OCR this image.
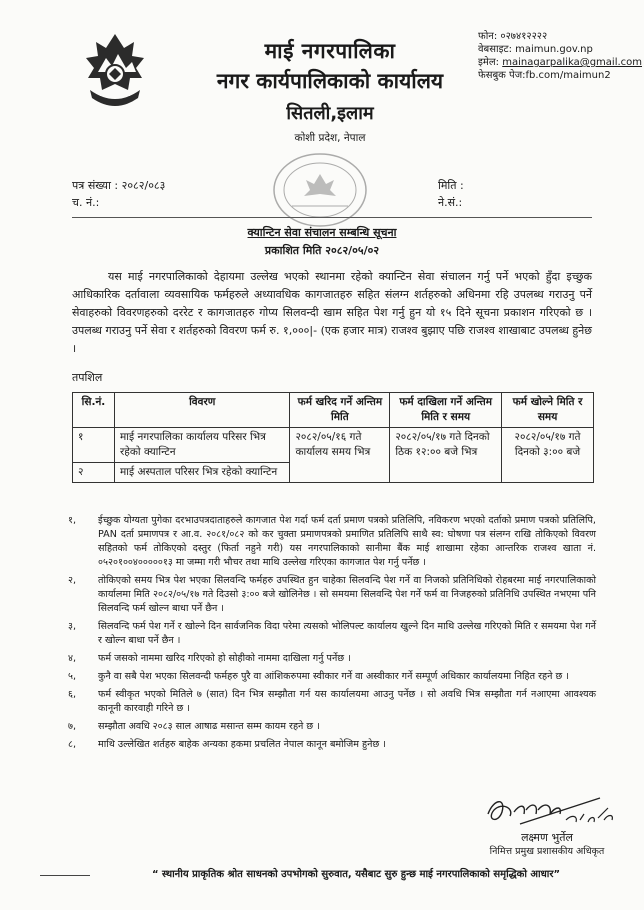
माई नगरपालिका
नगर कार्यपालिकाको कार्यालय
सितली,इलाम
कोशी प्रदेश, नेपाल
फोन: ०२७४१२२२२
वेबसाइट: maimun.gov.np
इमेल: mainagarpalika@gmail.com
फेसबुक पेज:fb.com/maimun2
पत्र संख्या : २०८२/०८३
च. नं.:
मिति :
ने.सं.:
क्यान्टिन सेवा संचालन सम्बन्धि सूचना
प्रकाशित मिति २०८२/०५/०२

यस माई नगरपालिकाको देहायमा उल्लेख भएको स्थानमा रहेको क्यान्टिन सेवा संचालन गर्नु पर्ने भएको हुँदा इच्छुक आधिकारिक दर्तावाला व्यवसायिक फर्महरुले अध्यावधिक कागजातहरु सहित संलग्न शर्तहरुको अधिनमा रहि उपलब्ध गराउनु पर्ने सेवाहरुको विवरणहरुको दररेट र कागजातहरु गोप्य सिलवन्दी खाम सहित पेश गर्नु हुन यो १५ दिने सूचना प्रकाशन गरिएको छ । उपलब्ध गराउनु पर्ने सेवा र शर्तहरुको विवरण फर्म रु. १,०००|- (एक हजार मात्र) राजश्व बुझाए पछि राजश्व शाखाबाट उपलब्ध हुनेछ ।

तपशिल
सि.नं.	विवरण	फर्म खरिद गर्ने अन्तिम मिति	फर्म दाखिला गर्ने अन्तिम मिति र समय	फर्म खोल्ने मिति र समय
१	माई नगरपालिका कार्यालय परिसर भित्र रहेको क्यान्टिन	२०८२/०५/१६ गते कार्यालय समय भित्र	२०८२/०५/१७ गते दिनको ठिक १२:०० बजे भित्र	२०८२/०५/१७ गते दिनको ३:०० बजे
२	माई अस्पताल परिसर भित्र रहेको क्यान्टिन			
१,	ईच्छुक योग्यता पुगेका दरभाउपत्रदाताहरुले कागजात पेश गर्दा फर्म दर्ता प्रमाण पत्रको प्रतिलिपि, नविकरण भएको दर्ताको प्रमाण पत्रको प्रतिलिपि, PAN दर्ता प्रमाणपत्र र आ.व. २०८१/०८२ को कर चुक्ता प्रमाणपत्रको प्रमाणित प्रतिलिपि साथै स्व: घोषणा पत्र संलग्न राखि तोकिएको विवरण सहितको फर्म तोकिएको दस्तुर (फिर्ता नहुने गरी) यस नगरपालिकाको सानीमा बैंक माई शाखामा रहेका आन्तरिक राजश्व खाता नं. ०५२०१००४०००००१३ मा जम्मा गरी भौचर तथा माथि उल्लेख गरिएका कागजात पेश गर्नु पर्नेछ ।
२,	तोकिएको समय भित्र पेश भएका सिलवन्दि फर्महरु उपस्थित हुन चाहेका सिलवन्दि पेश गर्ने वा निजको प्रतिनिधिको रोहबरमा माई नगरपालिकाको कार्यालमा मिति २०८२/०५/१७ गते दिउसो ३:०० बजे खोलिनेछ । सो समयमा सिलवन्दि पेश गर्ने फर्म वा निजहरुको प्रतिनिधि उपस्थित नभएमा पनि सिलवन्दि फर्म खोल्न बाधा पर्ने छैन ।
३,	सिलवन्दि फर्म पेश गर्ने र खोल्ने दिन सार्वजनिक विदा परेमा त्यसको भोलिपल्ट कार्यालय खुल्ने दिन माथि उल्लेख गरिएको मिति र समयमा पेश गर्ने र खोल्न बाधा पर्ने छैन ।
४,	फर्म जसको नाममा खरिद गरिएको हो सोहीको नाममा दाखिला गर्नु पर्नेछ ।
५,	कुनै वा सबै पेश भएका सिलवन्दी फर्महरु पुरै वा आंशिकरुपमा स्वीकार गर्ने वा अस्वीकार गर्ने सम्पूर्ण अधिकार कार्यालयमा निहित रहने छ ।
६,	फर्म स्वीकृत भएको मितिले ७ (सात) दिन भित्र सम्झौता गर्न यस कार्यालयमा आउनु पर्नेछ । सो अवधि भित्र सम्झौता गर्न नआएमा आवश्यक कानूनी कारवाही गरिने छ ।
७,	सम्झौता अवधि २०८३ साल आषाढ मसान्त सम्म कायम रहने छ ।
८,	माथि उल्लेखित शर्तहरु बाहेक अन्यका हकमा प्रचलित नेपाल कानून बमोजिम हुनेछ ।
लक्ष्मण भुर्तेल
निमित्त प्रमुख प्रशासकीय अधिकृत
“ स्थानीय प्राकृतिक श्रोत साधनको उपभोगको सुरुवात, यसैबाट सुरु हुन्छ माई नगरपालिकाको समृद्धिको आधार”
